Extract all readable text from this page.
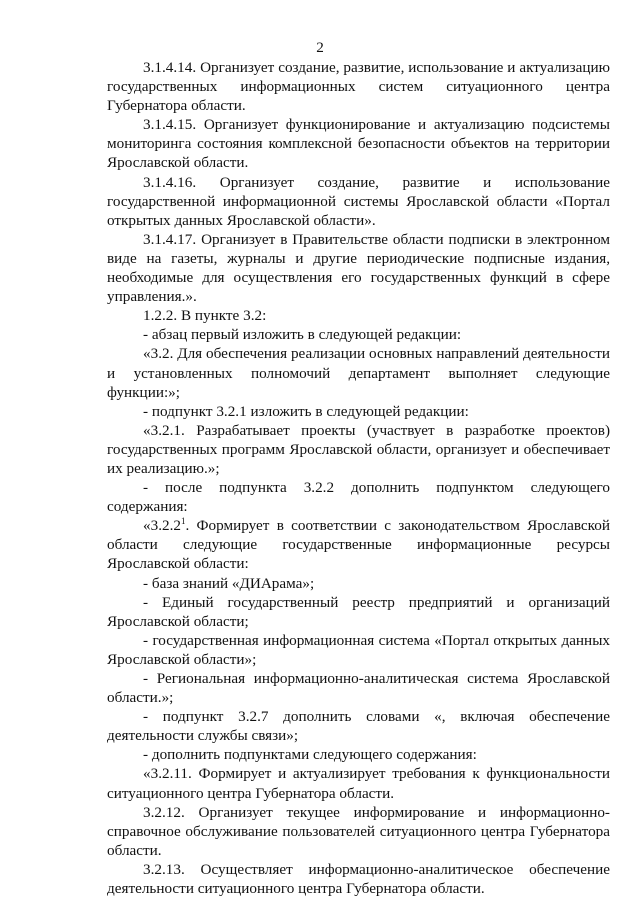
2

3.1.4.14. Организует создание, развитие, использование и актуализацию государственных информационных систем ситуационного центра Губернатора области.

3.1.4.15. Организует функционирование и актуализацию подсистемы мониторинга состояния комплексной безопасности объектов на территории Ярославской области.

3.1.4.16. Организует создание, развитие и использование государственной информационной системы Ярославской области «Портал открытых данных Ярославской области».

3.1.4.17. Организует в Правительстве области подписки в электронном виде на газеты, журналы и другие периодические подписные издания, необходимые для осуществления его государственных функций в сфере управления.».

1.2.2. В пункте 3.2:

- абзац первый изложить в следующей редакции:

«3.2. Для обеспечения реализации основных направлений деятельности и установленных полномочий департамент выполняет следующие функции:»;

- подпункт 3.2.1 изложить в следующей редакции:

«3.2.1. Разрабатывает проекты (участвует в разработке проектов) государственных программ Ярославской области, организует и обеспечивает их реализацию.»;

- после подпункта 3.2.2 дополнить подпунктом следующего содержания:

«3.2.2$^1$. Формирует в соответствии с законодательством Ярославской области следующие государственные информационные ресурсы Ярославской области:

- база знаний «ДИАрама»;

- Единый государственный реестр предприятий и организаций Ярославской области;

- государственная информационная система «Портал открытых данных Ярославской области»;

- Региональная информационно-аналитическая система Ярославской области.»;

- подпункт 3.2.7 дополнить словами «, включая обеспечение деятельности службы связи»;

- дополнить подпунктами следующего содержания:

«3.2.11. Формирует и актуализирует требования к функциональности ситуационного центра Губернатора области.

3.2.12. Организует текущее информирование и информационно-справочное обслуживание пользователей ситуационного центра Губернатора области.

3.2.13. Осуществляет информационно-аналитическое обеспечение деятельности ситуационного центра Губернатора области.
